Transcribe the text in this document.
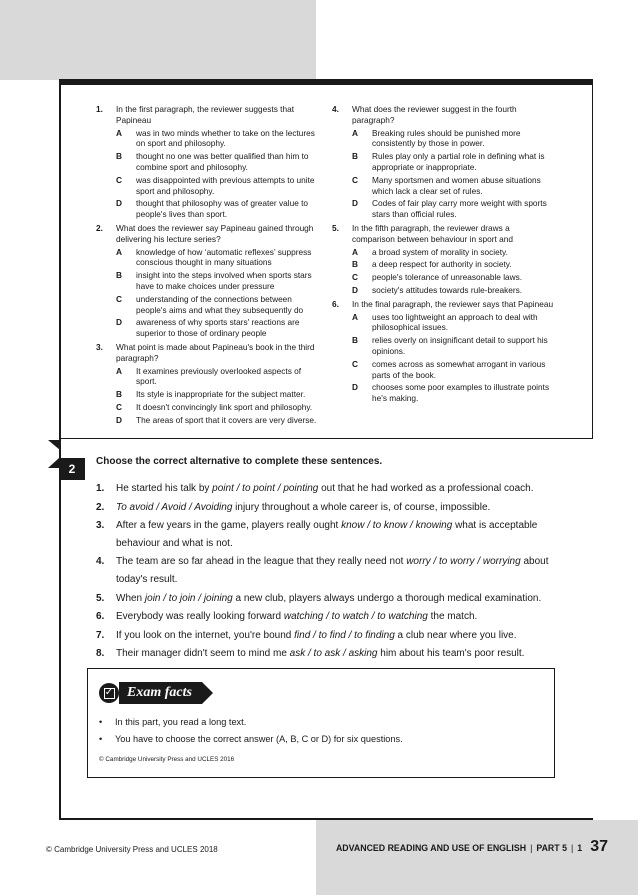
1. In the first paragraph, the reviewer suggests that Papineau
A was in two minds whether to take on the lectures on sport and philosophy.
B thought no one was better qualified than him to combine sport and philosophy.
C was disappointed with previous attempts to unite sport and philosophy.
D thought that philosophy was of greater value to people's lives than sport.
2. What does the reviewer say Papineau gained through delivering his lecture series?
A knowledge of how ‘automatic reflexes’ suppress conscious thought in many situations
B insight into the steps involved when sports stars have to make choices under pressure
C understanding of the connections between people's aims and what they subsequently do
D awareness of why sports stars' reactions are superior to those of ordinary people
3. What point is made about Papineau's book in the third paragraph?
A It examines previously overlooked aspects of sport.
B Its style is inappropriate for the subject matter.
C It doesn't convincingly link sport and philosophy.
D The areas of sport that it covers are very diverse.
4. What does the reviewer suggest in the fourth paragraph?
A Breaking rules should be punished more consistently by those in power.
B Rules play only a partial role in defining what is appropriate or inappropriate.
C Many sportsmen and women abuse situations which lack a clear set of rules.
D Codes of fair play carry more weight with sports stars than official rules.
5. In the fifth paragraph, the reviewer draws a comparison between behaviour in sport and
A a broad system of morality in society.
B a deep respect for authority in society.
C people's tolerance of unreasonable laws.
D society's attitudes towards rule-breakers.
6. In the final paragraph, the reviewer says that Papineau
A uses too lightweight an approach to deal with philosophical issues.
B relies overly on insignificant detail to support his opinions.
C comes across as somewhat arrogant in various parts of the book.
D chooses some poor examples to illustrate points he's making.
2
Choose the correct alternative to complete these sentences.
1. He started his talk by point / to point / pointing out that he had worked as a professional coach.
2. To avoid / Avoid / Avoiding injury throughout a whole career is, of course, impossible.
3. After a few years in the game, players really ought know / to know / knowing what is acceptable behaviour and what is not.
4. The team are so far ahead in the league that they really need not worry / to worry / worrying about today's result.
5. When join / to join / joining a new club, players always undergo a thorough medical examination.
6. Everybody was really looking forward watching / to watch / to watching the match.
7. If you look on the internet, you're bound find / to find / to finding a club near where you live.
8. Their manager didn't seem to mind me ask / to ask / asking him about his team's poor result.
✓ Exam facts
• In this part, you read a long text.
• You have to choose the correct answer (A, B, C or D) for six questions.
© Cambridge University Press and UCLES 2016
© Cambridge University Press and UCLES 2018	ADVANCED READING AND USE OF ENGLISH | PART 5 | 1 37
